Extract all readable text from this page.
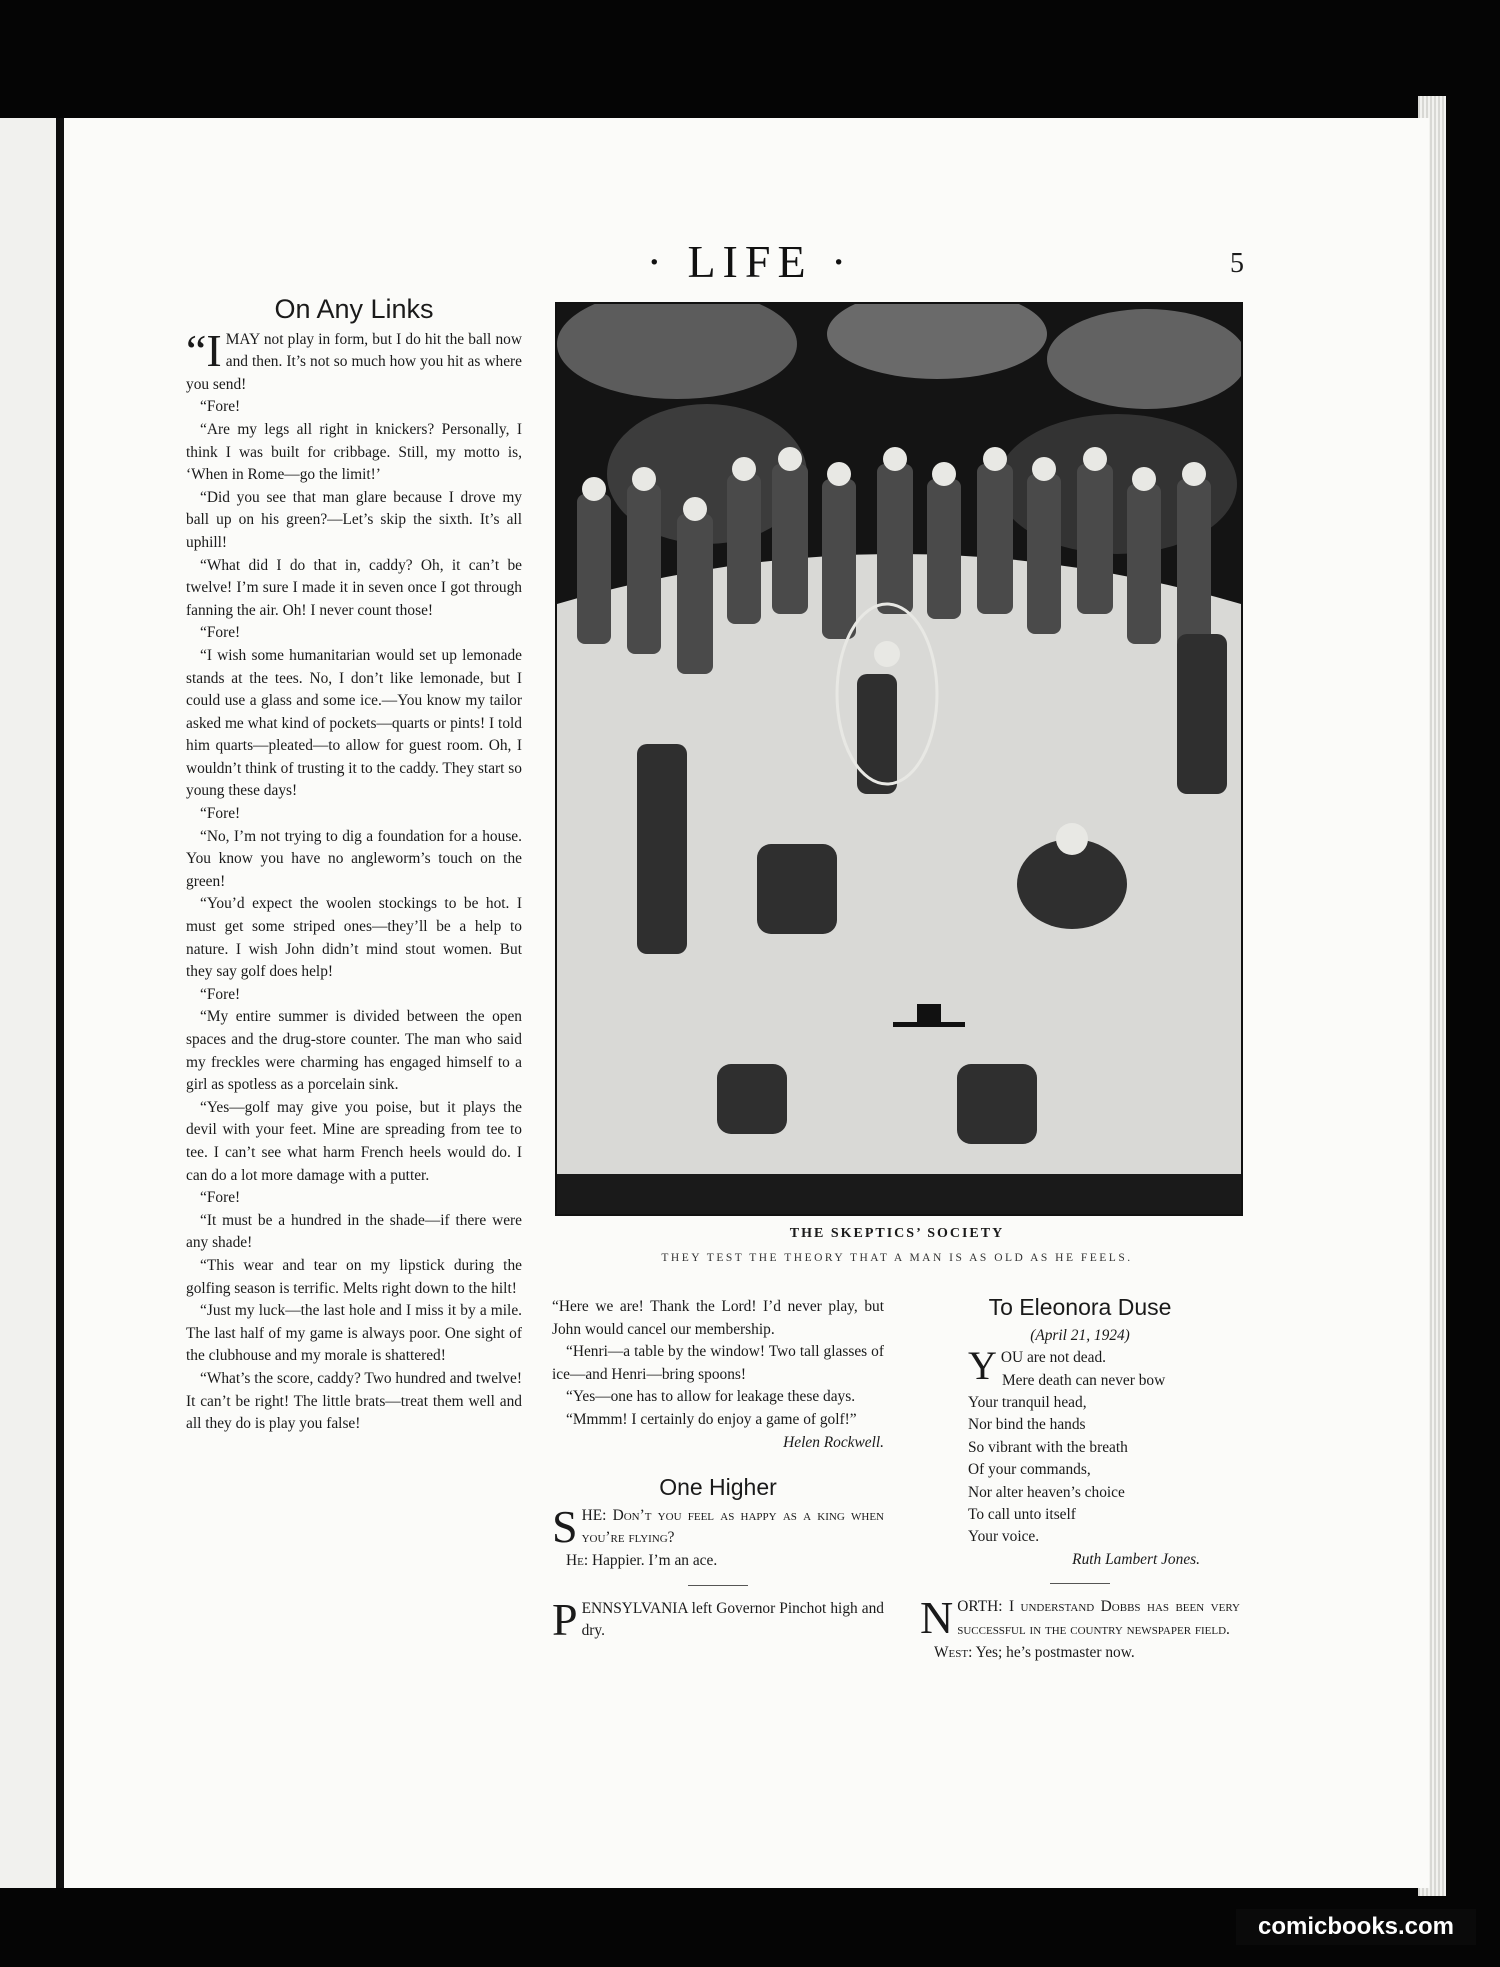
· LIFE ·	5
On Any Links

“IMAY not play in form, but I do hit the ball now and then. It’s not so much how you hit as where you send!

“Fore!

“Are my legs all right in knickers? Personally, I think I was built for cribbage. Still, my motto is, ‘When in Rome—go the limit!’

“Did you see that man glare because I drove my ball up on his green?—Let’s skip the sixth. It’s all uphill!

“What did I do that in, caddy? Oh, it can’t be twelve! I’m sure I made it in seven once I got through fanning the air. Oh! I never count those!

“Fore!

“I wish some humanitarian would set up lemonade stands at the tees. No, I don’t like lemonade, but I could use a glass and some ice.—You know my tailor asked me what kind of pockets—quarts or pints! I told him quarts—pleated—to allow for guest room. Oh, I wouldn’t think of trusting it to the caddy. They start so young these days!

“Fore!

“No, I’m not trying to dig a foundation for a house. You know you have no angleworm’s touch on the green!

“You’d expect the woolen stockings to be hot. I must get some striped ones—they’ll be a help to nature. I wish John didn’t mind stout women. But they say golf does help!

“Fore!

“My entire summer is divided between the open spaces and the drug-store counter. The man who said my freckles were charming has engaged himself to a girl as spotless as a porcelain sink.

“Yes—golf may give you poise, but it plays the devil with your feet. Mine are spreading from tee to tee. I can’t see what harm French heels would do. I can do a lot more damage with a putter.

“Fore!

“It must be a hundred in the shade—if there were any shade!

“This wear and tear on my lipstick during the golfing season is terrific. Melts right down to the hilt!

“Just my luck—the last hole and I miss it by a mile. The last half of my game is always poor. One sight of the clubhouse and my morale is shattered!

“What’s the score, caddy? Two hundred and twelve! It can’t be right! The little brats—treat them well and all they do is play you false!

THE SKEPTICS’ SOCIETY
THEY TEST THE THEORY THAT A MAN IS AS OLD AS HE FEELS.

“Here we are! Thank the Lord! I’d never play, but John would cancel our membership.

“Henri—a table by the window! Two tall glasses of ice—and Henri—bring spoons!

“Yes—one has to allow for leakage these days.

“Mmmm! I certainly do enjoy a game of golf!”

Helen Rockwell.
One Higher

SHE: Don’t you feel as happy as a king when you’re flying?

He: Happier. I’m an ace.

PENNSYLVANIA left Governor Pinchot high and dry.

To Eleonora Duse
(April 21, 1924)
YOU are not dead.
Mere death can never bow
Your tranquil head,
Nor bind the hands
So vibrant with the breath
Of your commands,
Nor alter heaven’s choice
To call unto itself
Your voice.
Ruth Lambert Jones.

NORTH: I understand Dobbs has been very successful in the country newspaper field.

West: Yes; he’s postmaster now.

comicbooks.com
